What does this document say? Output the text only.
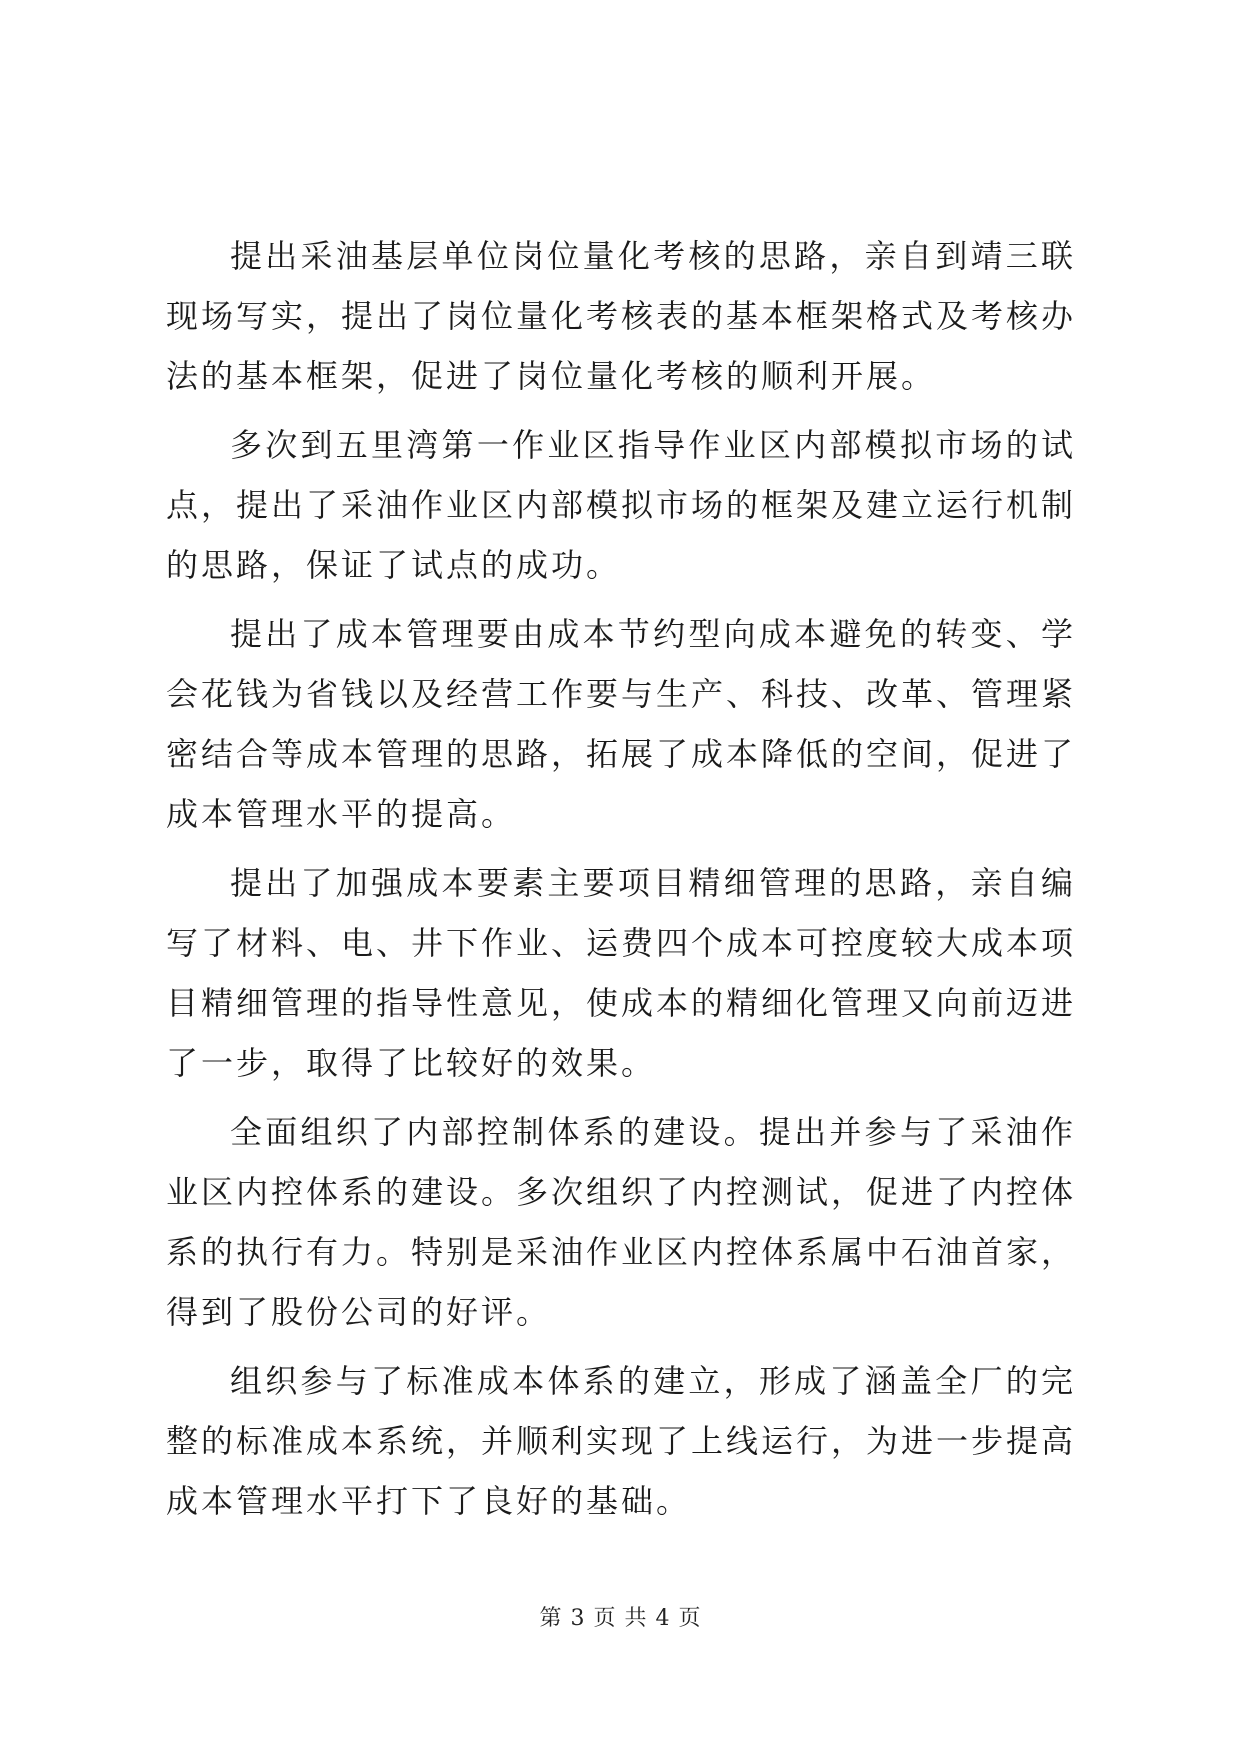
提出采油基层单位岗位量化考核的思路，亲自到靖三联现场写实，提出了岗位量化考核表的基本框架格式及考核办法的基本框架，促进了岗位量化考核的顺利开展。

多次到五里湾第一作业区指导作业区内部模拟市场的试点，提出了采油作业区内部模拟市场的框架及建立运行机制的思路，保证了试点的成功。

提出了成本管理要由成本节约型向成本避免的转变、学会花钱为省钱以及经营工作要与生产、科技、改革、管理紧密结合等成本管理的思路，拓展了成本降低的空间，促进了成本管理水平的提高。

提出了加强成本要素主要项目精细管理的思路，亲自编写了材料、电、井下作业、运费四个成本可控度较大成本项目精细管理的指导性意见，使成本的精细化管理又向前迈进了一步，取得了比较好的效果。

全面组织了内部控制体系的建设。提出并参与了采油作业区内控体系的建设。多次组织了内控测试，促进了内控体系的执行有力。特别是采油作业区内控体系属中石油首家，得到了股份公司的好评。

组织参与了标准成本体系的建立，形成了涵盖全厂的完整的标准成本系统，并顺利实现了上线运行，为进一步提高成本管理水平打下了良好的基础。

第 3 页 共 4 页
